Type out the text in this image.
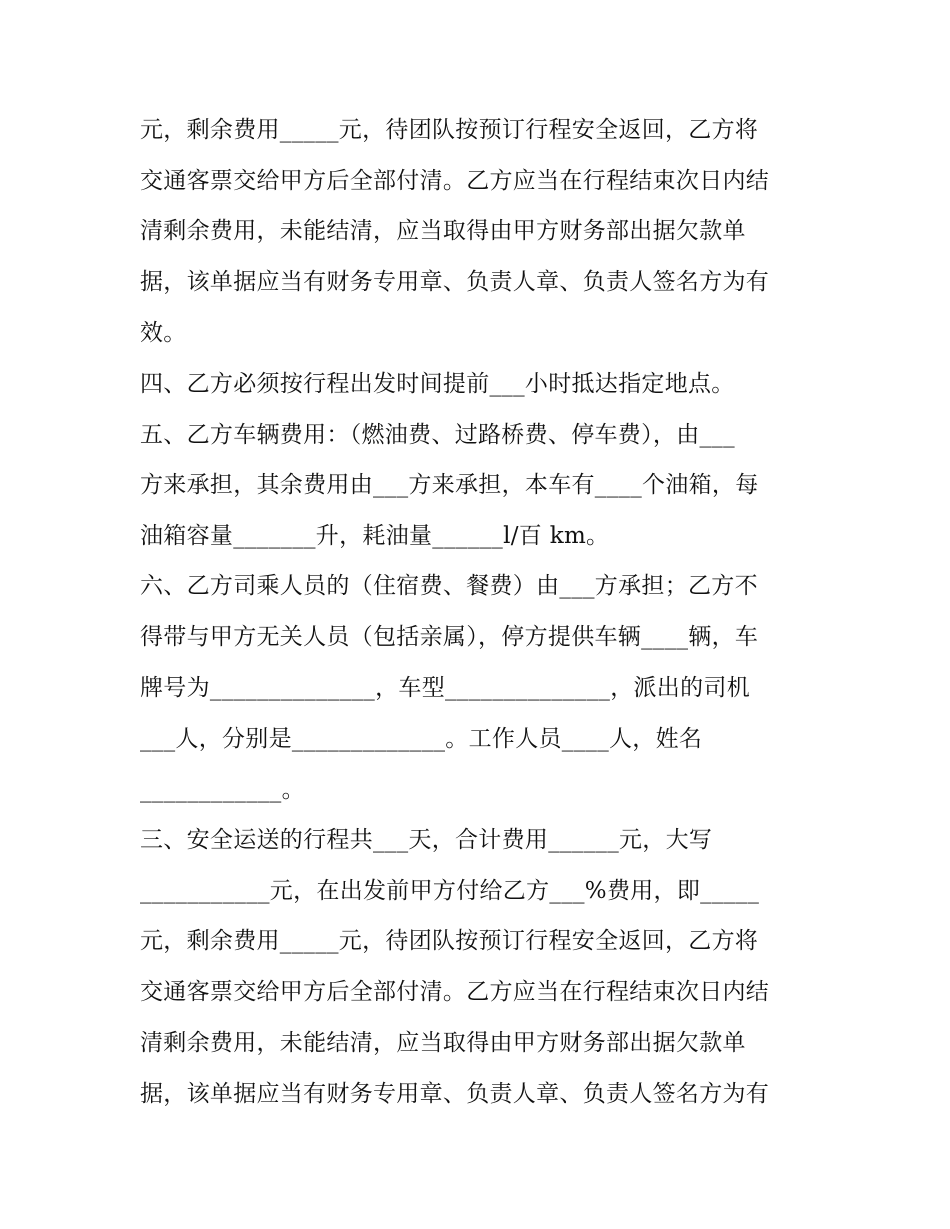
元，剩余费用_____元，待团队按预订行程安全返回，乙方将
交通客票交给甲方后全部付清。乙方应当在行程结束次日内结
清剩余费用，未能结清，应当取得由甲方财务部出据欠款单
据，该单据应当有财务专用章、负责人章、负责人签名方为有
效。
四、乙方必须按行程出发时间提前___小时抵达指定地点。
五、乙方车辆费用：（燃油费、过路桥费、停车费），由___
方来承担，其余费用由___方来承担，本车有____个油箱，每
油箱容量_______升，耗油量______l/百 km。
六、乙方司乘人员的（住宿费、餐费）由___方承担；乙方不
得带与甲方无关人员（包括亲属），停方提供车辆____辆，车
牌号为______________，车型______________，派出的司机
___人，分别是_____________。工作人员____人，姓名
____________。
三、安全运送的行程共___天，合计费用______元，大写
___________元，在出发前甲方付给乙方___%费用，即_____
元，剩余费用_____元，待团队按预订行程安全返回，乙方将
交通客票交给甲方后全部付清。乙方应当在行程结束次日内结
清剩余费用，未能结清，应当取得由甲方财务部出据欠款单
据，该单据应当有财务专用章、负责人章、负责人签名方为有
